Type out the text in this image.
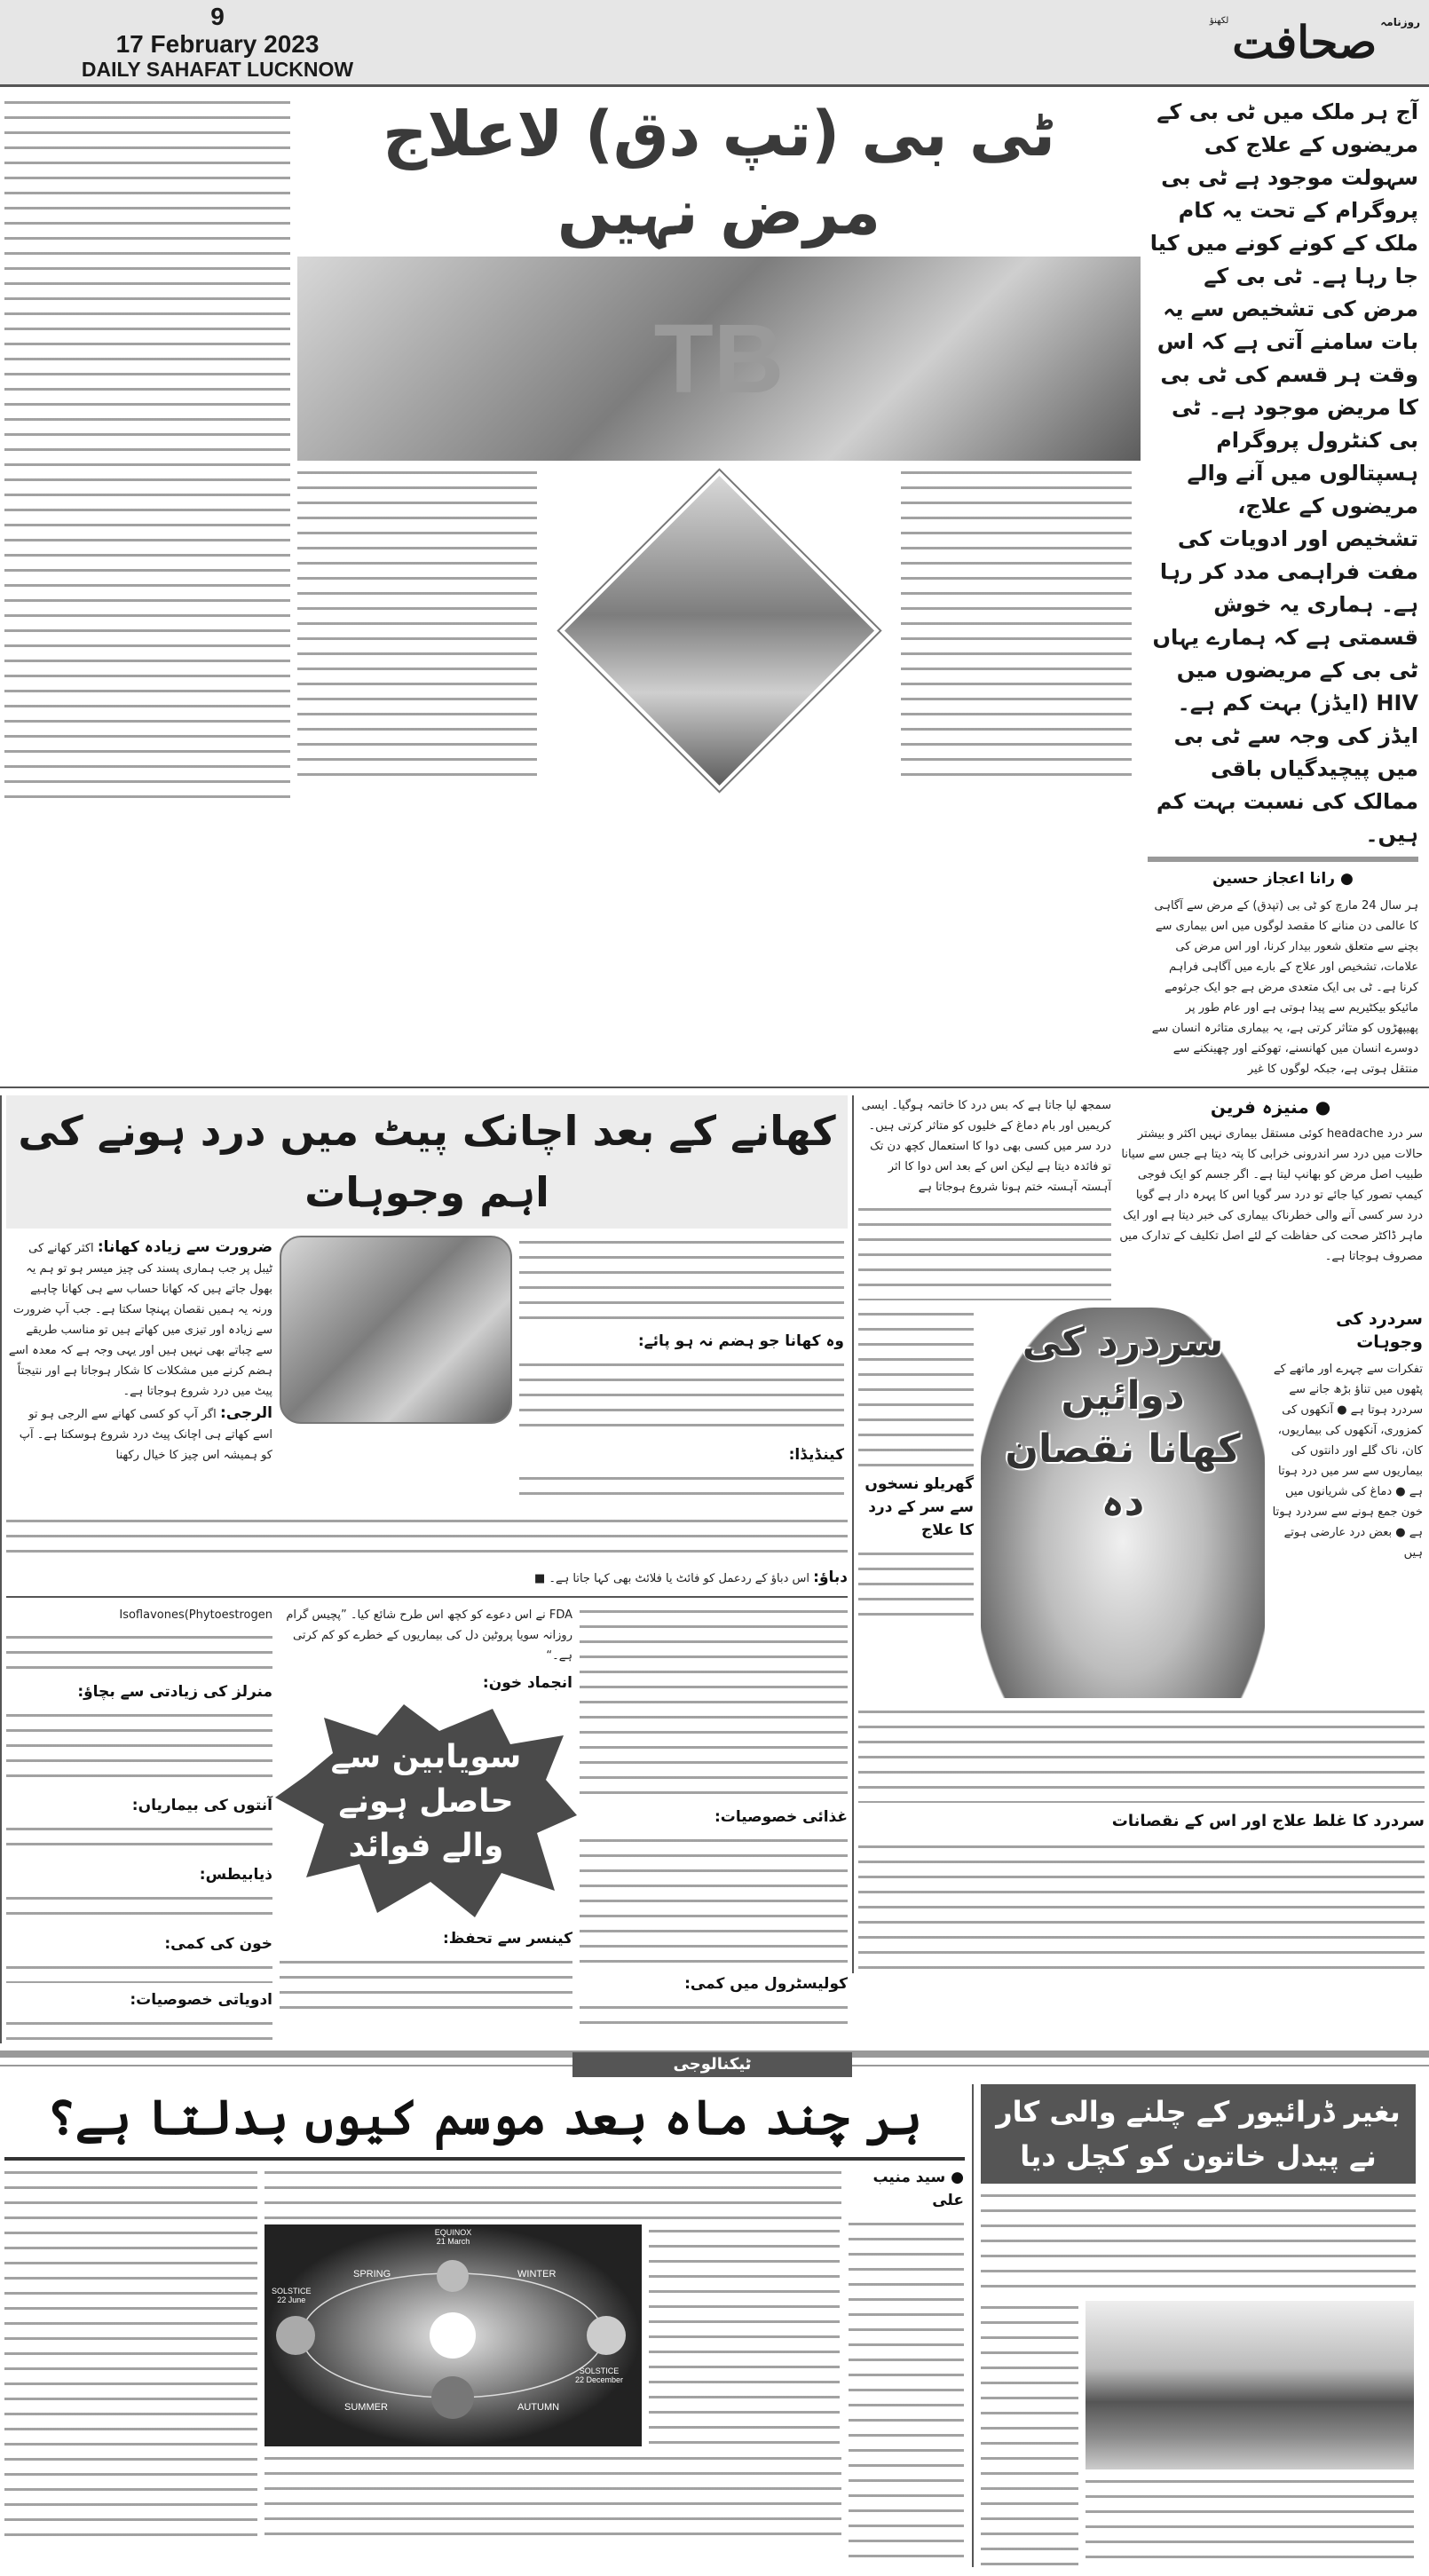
9
17 February 2023
DAILY SAHAFAT LUCKNOW
روزنامہ
صحافت
لکھنؤ
ٹی بی (تپ دق) لاعلاج مرض نہیں
TB
آج ہر ملک میں ٹی بی کے مریضوں کے علاج کی سہولت موجود ہے ٹی بی پروگرام کے تحت یہ کام ملک کے کونے کونے میں کیا جا رہا ہے۔ ٹی بی کے مرض کی تشخیص سے یہ بات سامنے آتی ہے کہ اس وقت ہر قسم کی ٹی بی کا مریض موجود ہے۔ ٹی بی کنٹرول پروگرام ہسپتالوں میں آنے والے مریضوں کے علاج، تشخیص اور ادویات کی مفت فراہمی مدد کر رہا ہے۔ ہماری یہ خوش قسمتی ہے کہ ہمارے یہاں ٹی بی کے مریضوں میں HIV (ایڈز) بہت کم ہے۔ ایڈز کی وجہ سے ٹی بی میں پیچیدگیاں باقی ممالک کی نسبت بہت کم ہیں۔
● رانا اعجاز حسین
ہر سال 24 مارچ کو ٹی بی (تپدق) کے مرض سے آگاہی کا عالمی دن منانے کا مقصد لوگوں میں اس بیماری سے بچنے سے متعلق شعور بیدار کرنا، اور اس مرض کی علامات، تشخیص اور علاج کے بارے میں آگاہی فراہم کرنا ہے۔ ٹی بی ایک متعدی مرض ہے جو ایک جرثومے مائیکو بیکٹیریم سے پیدا ہوتی ہے اور عام طور پر پھیپھڑوں کو متاثر کرتی ہے، یہ بیماری متاثرہ انسان سے دوسرے انسان میں کھانسنے، تھوکنے اور چھینکنے سے منتقل ہوتی ہے، جبکہ لوگوں کا غیر
کھانے کے بعد اچانک پیٹ میں درد ہونے کی اہم وجوہات
ضرورت سے زیادہ کھانا: اکثر کھانے کی ٹیبل پر جب ہماری پسند کی چیز میسر ہو تو ہم یہ بھول جاتے ہیں کہ کھانا حساب سے ہی کھانا چاہیے ورنہ یہ ہمیں نقصان پہنچا سکتا ہے۔ جب آپ ضرورت سے زیادہ اور تیزی میں کھاتے ہیں تو مناسب طریقے سے چباتے بھی نہیں ہیں اور یہی وجہ ہے کہ معدہ اسے ہضم کرنے میں مشکلات کا شکار ہوجاتا ہے اور نتیجتاً پیٹ میں درد شروع ہوجاتا ہے۔
الرجی: اگر آپ کو کسی کھانے سے الرجی ہو تو اسے کھاتے ہی اچانک پیٹ درد شروع ہوسکتا ہے۔ آپ کو ہمیشہ اس چیز کا خیال رکھنا
وہ کھانا جو ہضم نہ ہو پائے:
کینڈیڈا:
دباؤ: اس دباؤ کے ردعمل کو فائٹ یا فلائٹ بھی کہا جاتا ہے۔ ■
Isoflavones(Phytoestrogen
منرلز کی زیادتی سے بچاؤ:
آنتوں کی بیماریاں:
ذیابیطس:
خون کی کمی:
ادویاتی خصوصیات:
FDA نے اس دعوے کو کچھ اس طرح شائع کیا۔ ”پچیس گرام روزانہ سویا پروٹین دل کی بیماریوں کے خطرے کو کم کرتی ہے۔“
انجماد خون:
سویابین سے حاصل ہونے والے فوائد
کینسر سے تحفظ:
غذائی خصوصیات:
کولیسٹرول میں کمی:
سمجھ لیا جاتا ہے کہ بس درد کا خاتمہ ہوگیا۔ ایسی کریمیں اور بام دماغ کے خلیوں کو متاثر کرتی ہیں۔ درد سر میں کسی بھی دوا کا استعمال کچھ دن تک تو فائدہ دیتا ہے لیکن اس کے بعد اس دوا کا اثر آہستہ آہستہ ختم ہونا شروع ہوجاتا ہے
● منیزہ فرین
سر درد headache کوئی مستقل بیماری نہیں اکثر و بیشتر حالات میں درد سر اندرونی خرابی کا پتہ دیتا ہے جس سے سیانا طبیب اصل مرض کو بھانپ لیتا ہے۔ اگر جسم کو ایک فوجی کیمپ تصور کیا جائے تو درد سر گویا اس کا پہرہ دار ہے گویا درد سر کسی آنے والی خطرناک بیماری کی خبر دیتا ہے اور ایک ماہر ڈاکٹر صحت کی حفاظت کے لئے اصل تکلیف کے تدارک میں مصروف ہوجاتا ہے۔
گھریلو نسخوں سے سر کے درد کا علاج
سردرد کی دوائیں
کھانا نقصان دہ
سردرد کی وجوہات
تفکرات سے چہرے اور ماتھے کے پٹھوں میں تناؤ بڑھ جانے سے سردرد ہوتا ہے ● آنکھوں کی کمزوری، آنکھوں کی بیماریوں، کان، ناک گلے اور دانتوں کی بیماریوں سے سر میں درد ہوتا ہے ● دماغ کی شریانوں میں خون جمع ہونے سے سردرد ہوتا ہے ● بعض درد عارضی ہوتے ہیں
سردرد کا غلط علاج اور اس کے نقصانات
ٹیکنالوجی
ہر چند ماہ بعد موسم کیوں بدلتا ہے؟
EQUINOX
21 March
SPRING	WINTER
SUMMER	AUTUMN
SOLSTICE
22 June
SOLSTICE
22 December
● سید منیب علی
بغیر ڈرائیور کے چلنے والی کار نے پیدل خاتون کو کچل دیا
